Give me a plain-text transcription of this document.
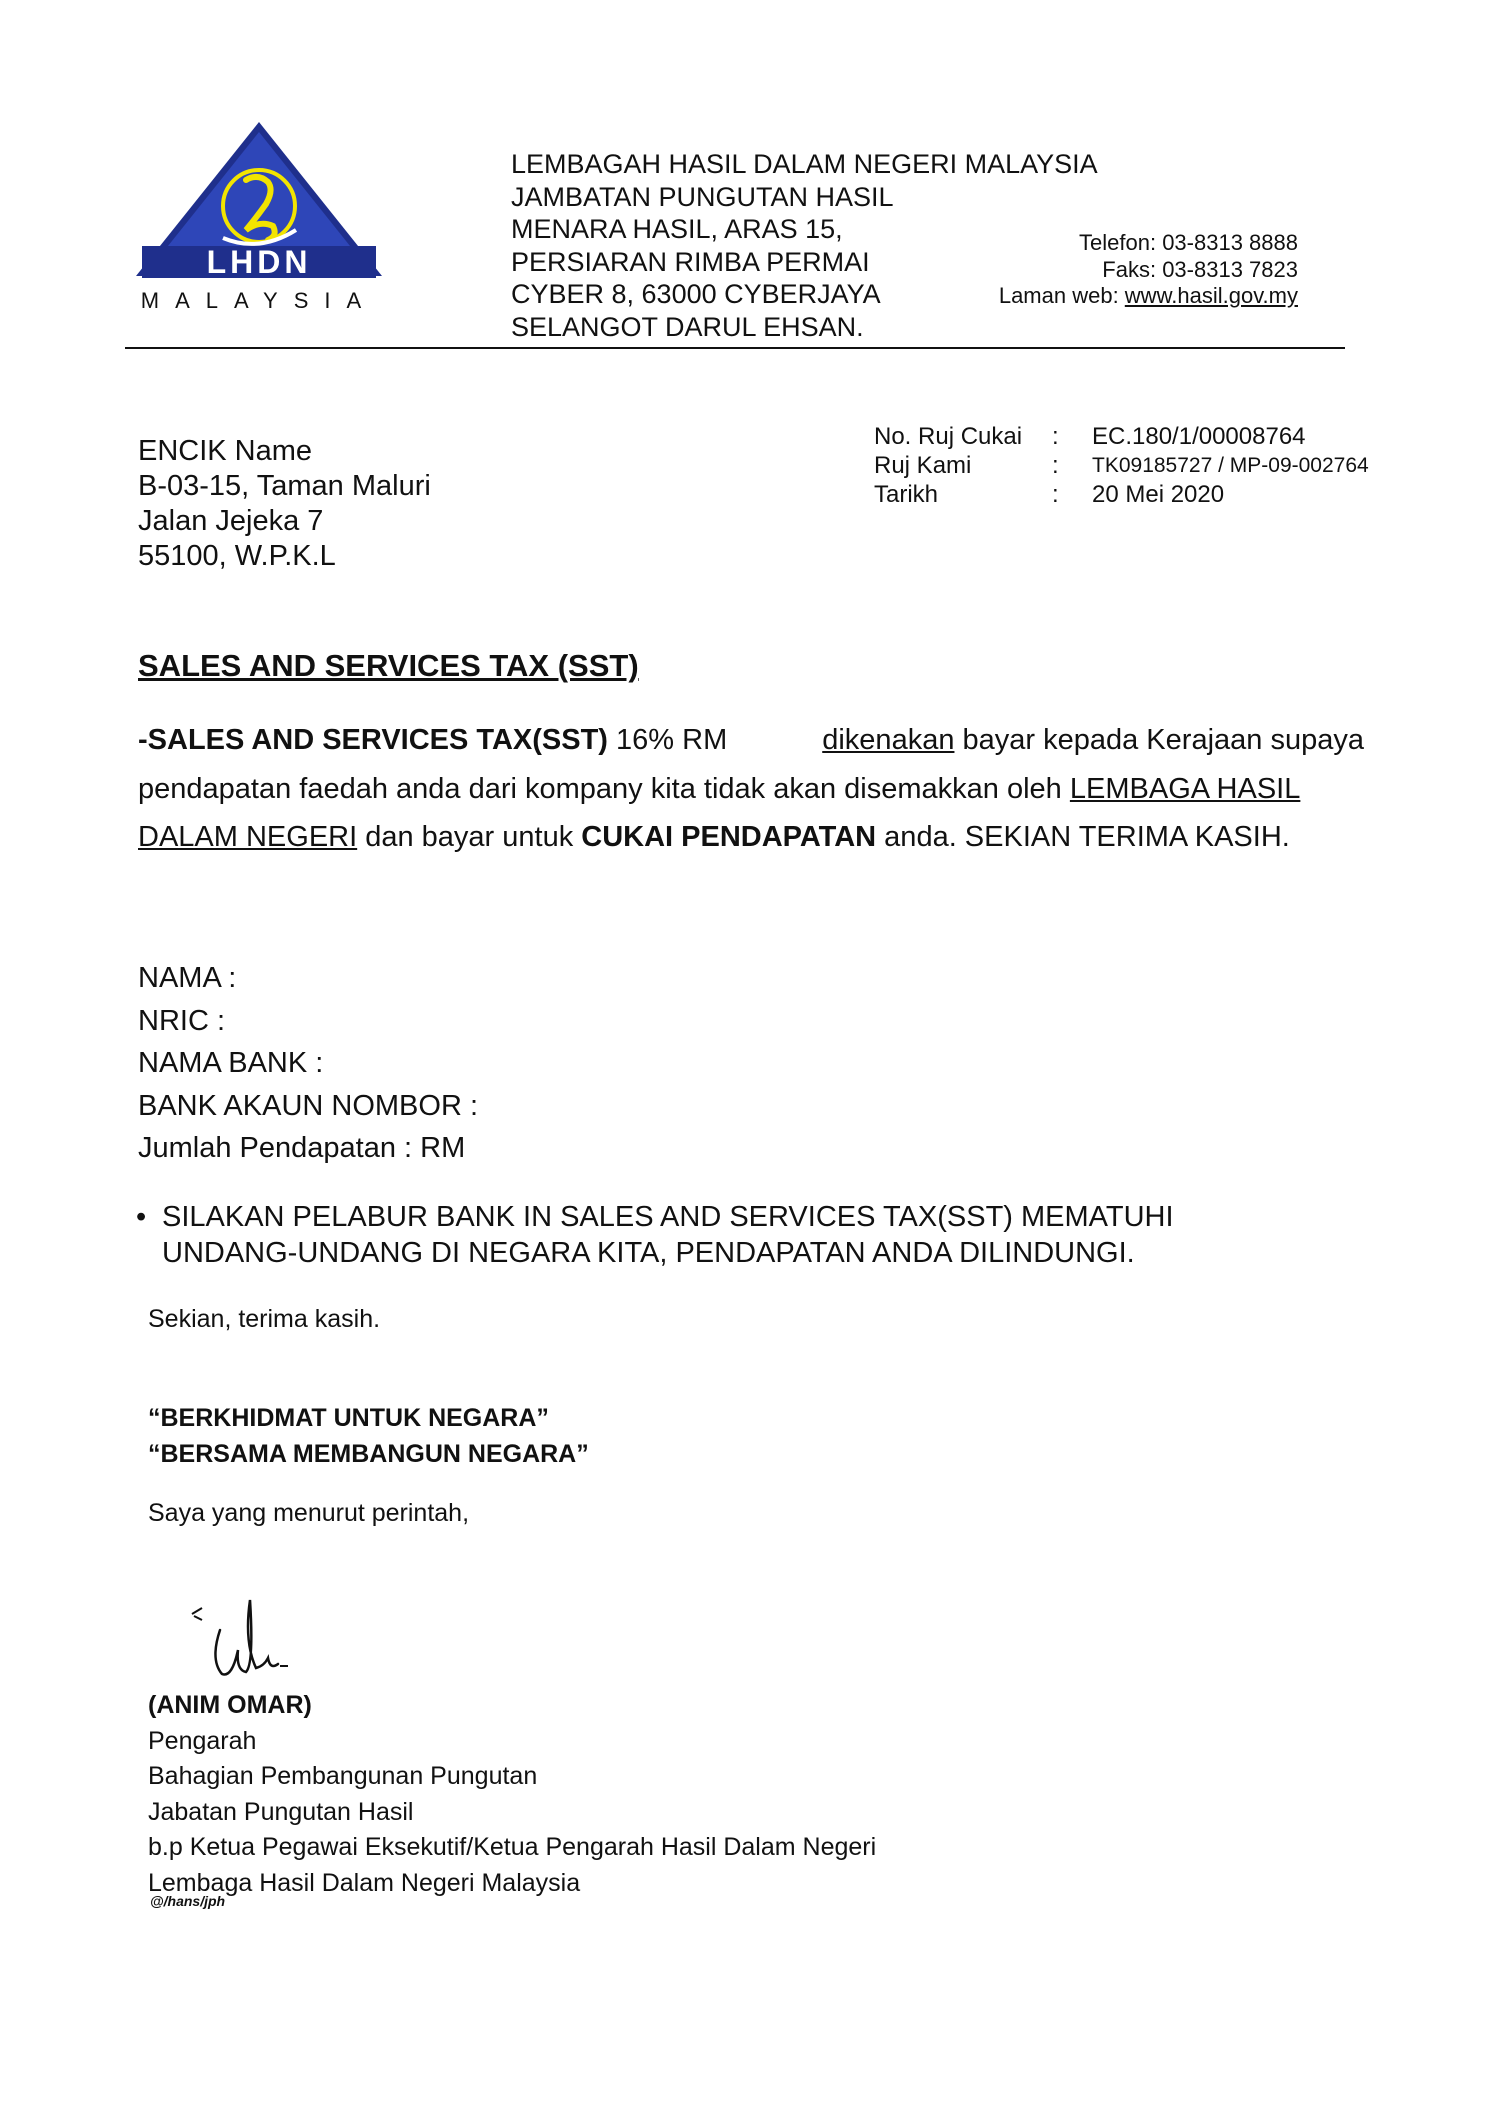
LHDN
MALAYSIA
LEMBAGAH HASIL DALAM NEGERI MALAYSIA
JAMBATAN PUNGUTAN HASIL
MENARA HASIL, ARAS 15,
PERSIARAN RIMBA PERMAI
CYBER 8, 63000 CYBERJAYA
SELANGOT DARUL EHSAN.
Telefon: 03-8313 8888
Faks: 03-8313 7823
Laman web: www.hasil.gov.my
ENCIK Name
B-03-15, Taman Maluri
Jalan Jejeka 7
55100, W.P.K.L
No. Ruj Cukai	:	EC.180/1/00008764
Ruj Kami	:	TK09185727 / MP-09-002764
Tarikh	:	20 Mei 2020
SALES AND SERVICES TAX (SST)
-SALES AND SERVICES TAX(SST) 16% RM	dikenakan bayar kepada Kerajaan supaya pendapatan faedah anda dari kompany kita tidak akan disemakkan oleh LEMBAGA HASIL DALAM NEGERI dan bayar untuk CUKAI PENDAPATAN anda. SEKIAN TERIMA KASIH.
NAMA :
NRIC :
NAMA BANK :
BANK AKAUN NOMBOR :
Jumlah Pendapatan : RM
• SILAKAN PELABUR BANK IN SALES AND SERVICES TAX(SST) MEMATUHI
UNDANG-UNDANG DI NEGARA KITA, PENDAPATAN ANDA DILINDUNGI.
Sekian, terima kasih.
“BERKHIDMAT UNTUK NEGARA”
“BERSAMA MEMBANGUN NEGARA”
Saya yang menurut perintah,
(ANIM OMAR)
Pengarah
Bahagian Pembangunan Pungutan
Jabatan Pungutan Hasil
b.p Ketua Pegawai Eksekutif/Ketua Pengarah Hasil Dalam Negeri
Lembaga Hasil Dalam Negeri Malaysia
@/hans/jph
